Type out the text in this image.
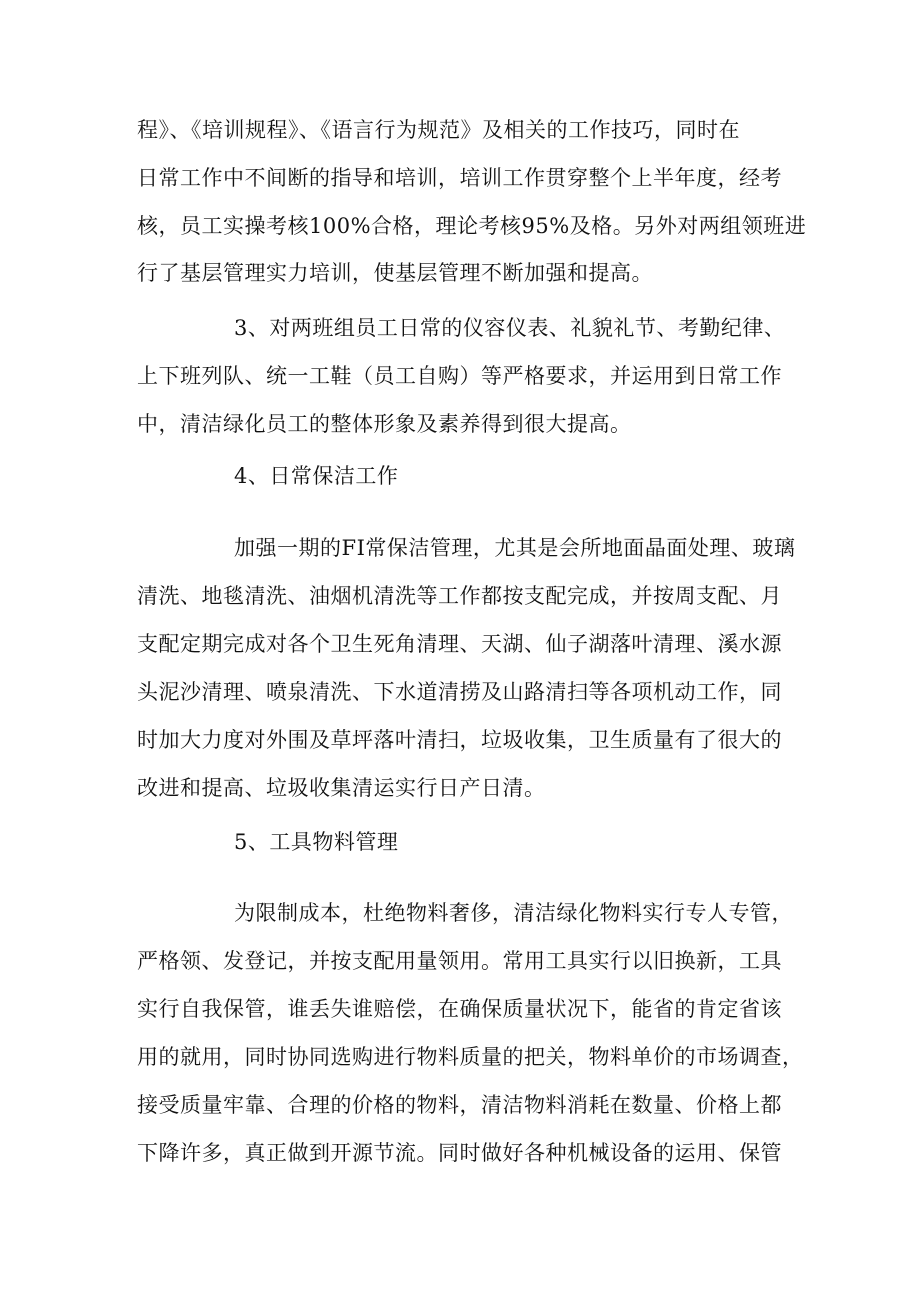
程》、《培训规程》、《语言行为规范》及相关的工作技巧，同时在
日常工作中不间断的指导和培训，培训工作贯穿整个上半年度，经考
核，员工实操考核100%合格，理论考核95%及格。另外对两组领班进
行了基层管理实力培训，使基层管理不断加强和提高。
3、对两班组员工日常的仪容仪表、礼貌礼节、考勤纪律、
上下班列队、统一工鞋（员工自购）等严格要求，并运用到日常工作
中，清洁绿化员工的整体形象及素养得到很大提高。
4、日常保洁工作
加强一期的FI常保洁管理，尤其是会所地面晶面处理、玻璃
清洗、地毯清洗、油烟机清洗等工作都按支配完成，并按周支配、月
支配定期完成对各个卫生死角清理、天湖、仙子湖落叶清理、溪水源
头泥沙清理、喷泉清洗、下水道清捞及山路清扫等各项机动工作，同
时加大力度对外围及草坪落叶清扫，垃圾收集，卫生质量有了很大的
改进和提高、垃圾收集清运实行日产日清。
5、工具物料管理
为限制成本，杜绝物料奢侈，清洁绿化物料实行专人专管，
严格领、发登记，并按支配用量领用。常用工具实行以旧换新，工具
实行自我保管，谁丢失谁赔偿，在确保质量状况下，能省的肯定省该
用的就用，同时协同选购进行物料质量的把关，物料单价的市场调查，
接受质量牢靠、合理的价格的物料，清洁物料消耗在数量、价格上都
下降许多，真正做到开源节流。同时做好各种机械设备的运用、保管
